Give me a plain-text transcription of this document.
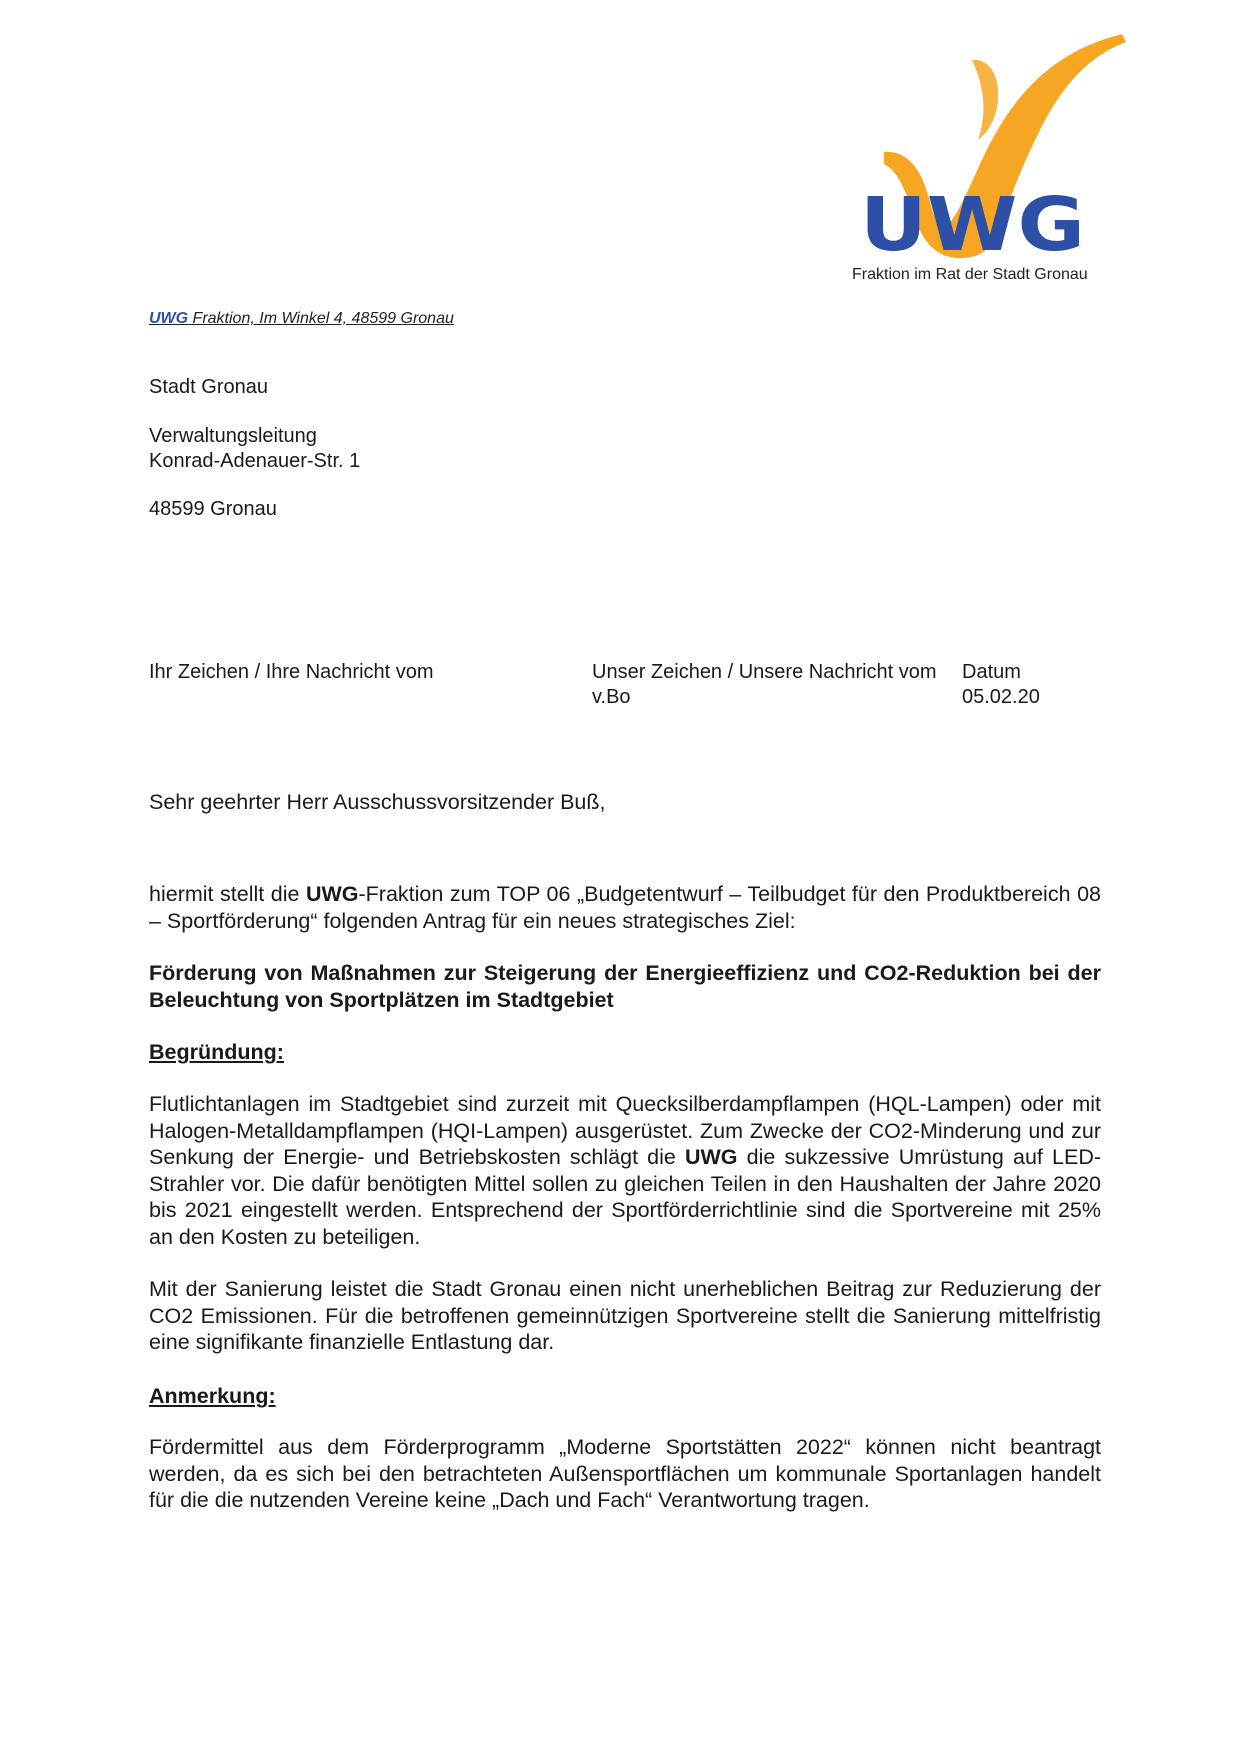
UWG
Fraktion im Rat der Stadt Gronau
UWG Fraktion, Im Winkel 4, 48599 Gronau
Stadt Gronau
Verwaltungsleitung
Konrad-Adenauer-Str. 1
48599 Gronau
Ihr Zeichen / Ihre Nachricht vom	Unser Zeichen / Unsere Nachricht vom
v.Bo
Datum
05.02.20
Sehr geehrter Herr Ausschussvorsitzender Buß,

hiermit stellt die UWG-Fraktion zum TOP 06 „Budgetentwurf – Teilbudget für den Produktbereich 08 – Sportförderung“ folgenden Antrag für ein neues strategisches Ziel:

Förderung von Maßnahmen zur Steigerung der Energieeffizienz und CO2-Reduktion bei der Beleuchtung von Sportplätzen im Stadtgebiet

Begründung:

Flutlichtanlagen im Stadtgebiet sind zurzeit mit Quecksilberdampflampen (HQL-Lampen) oder mit Halogen-Metalldampflampen (HQI-Lampen) ausgerüstet. Zum Zwecke der CO2-Minderung und zur Senkung der Energie- und Betriebskosten schlägt die UWG die sukzessive Umrüstung auf LED-Strahler vor. Die dafür benötigten Mittel sollen zu gleichen Teilen in den Haushalten der Jahre 2020 bis 2021 eingestellt werden. Entsprechend der Sportförderrichtlinie sind die Sportvereine mit 25% an den Kosten zu beteiligen.

Mit der Sanierung leistet die Stadt Gronau einen nicht unerheblichen Beitrag zur Reduzierung der CO2 Emissionen. Für die betroffenen gemeinnützigen Sportvereine stellt die Sanierung mittelfristig eine signifikante finanzielle Entlastung dar.

Anmerkung:

Fördermittel aus dem Förderprogramm „Moderne Sportstätten 2022“ können nicht beantragt werden, da es sich bei den betrachteten Außensportflächen um kommunale Sportanlagen handelt für die die nutzenden Vereine keine „Dach und Fach“ Verantwortung tragen.
